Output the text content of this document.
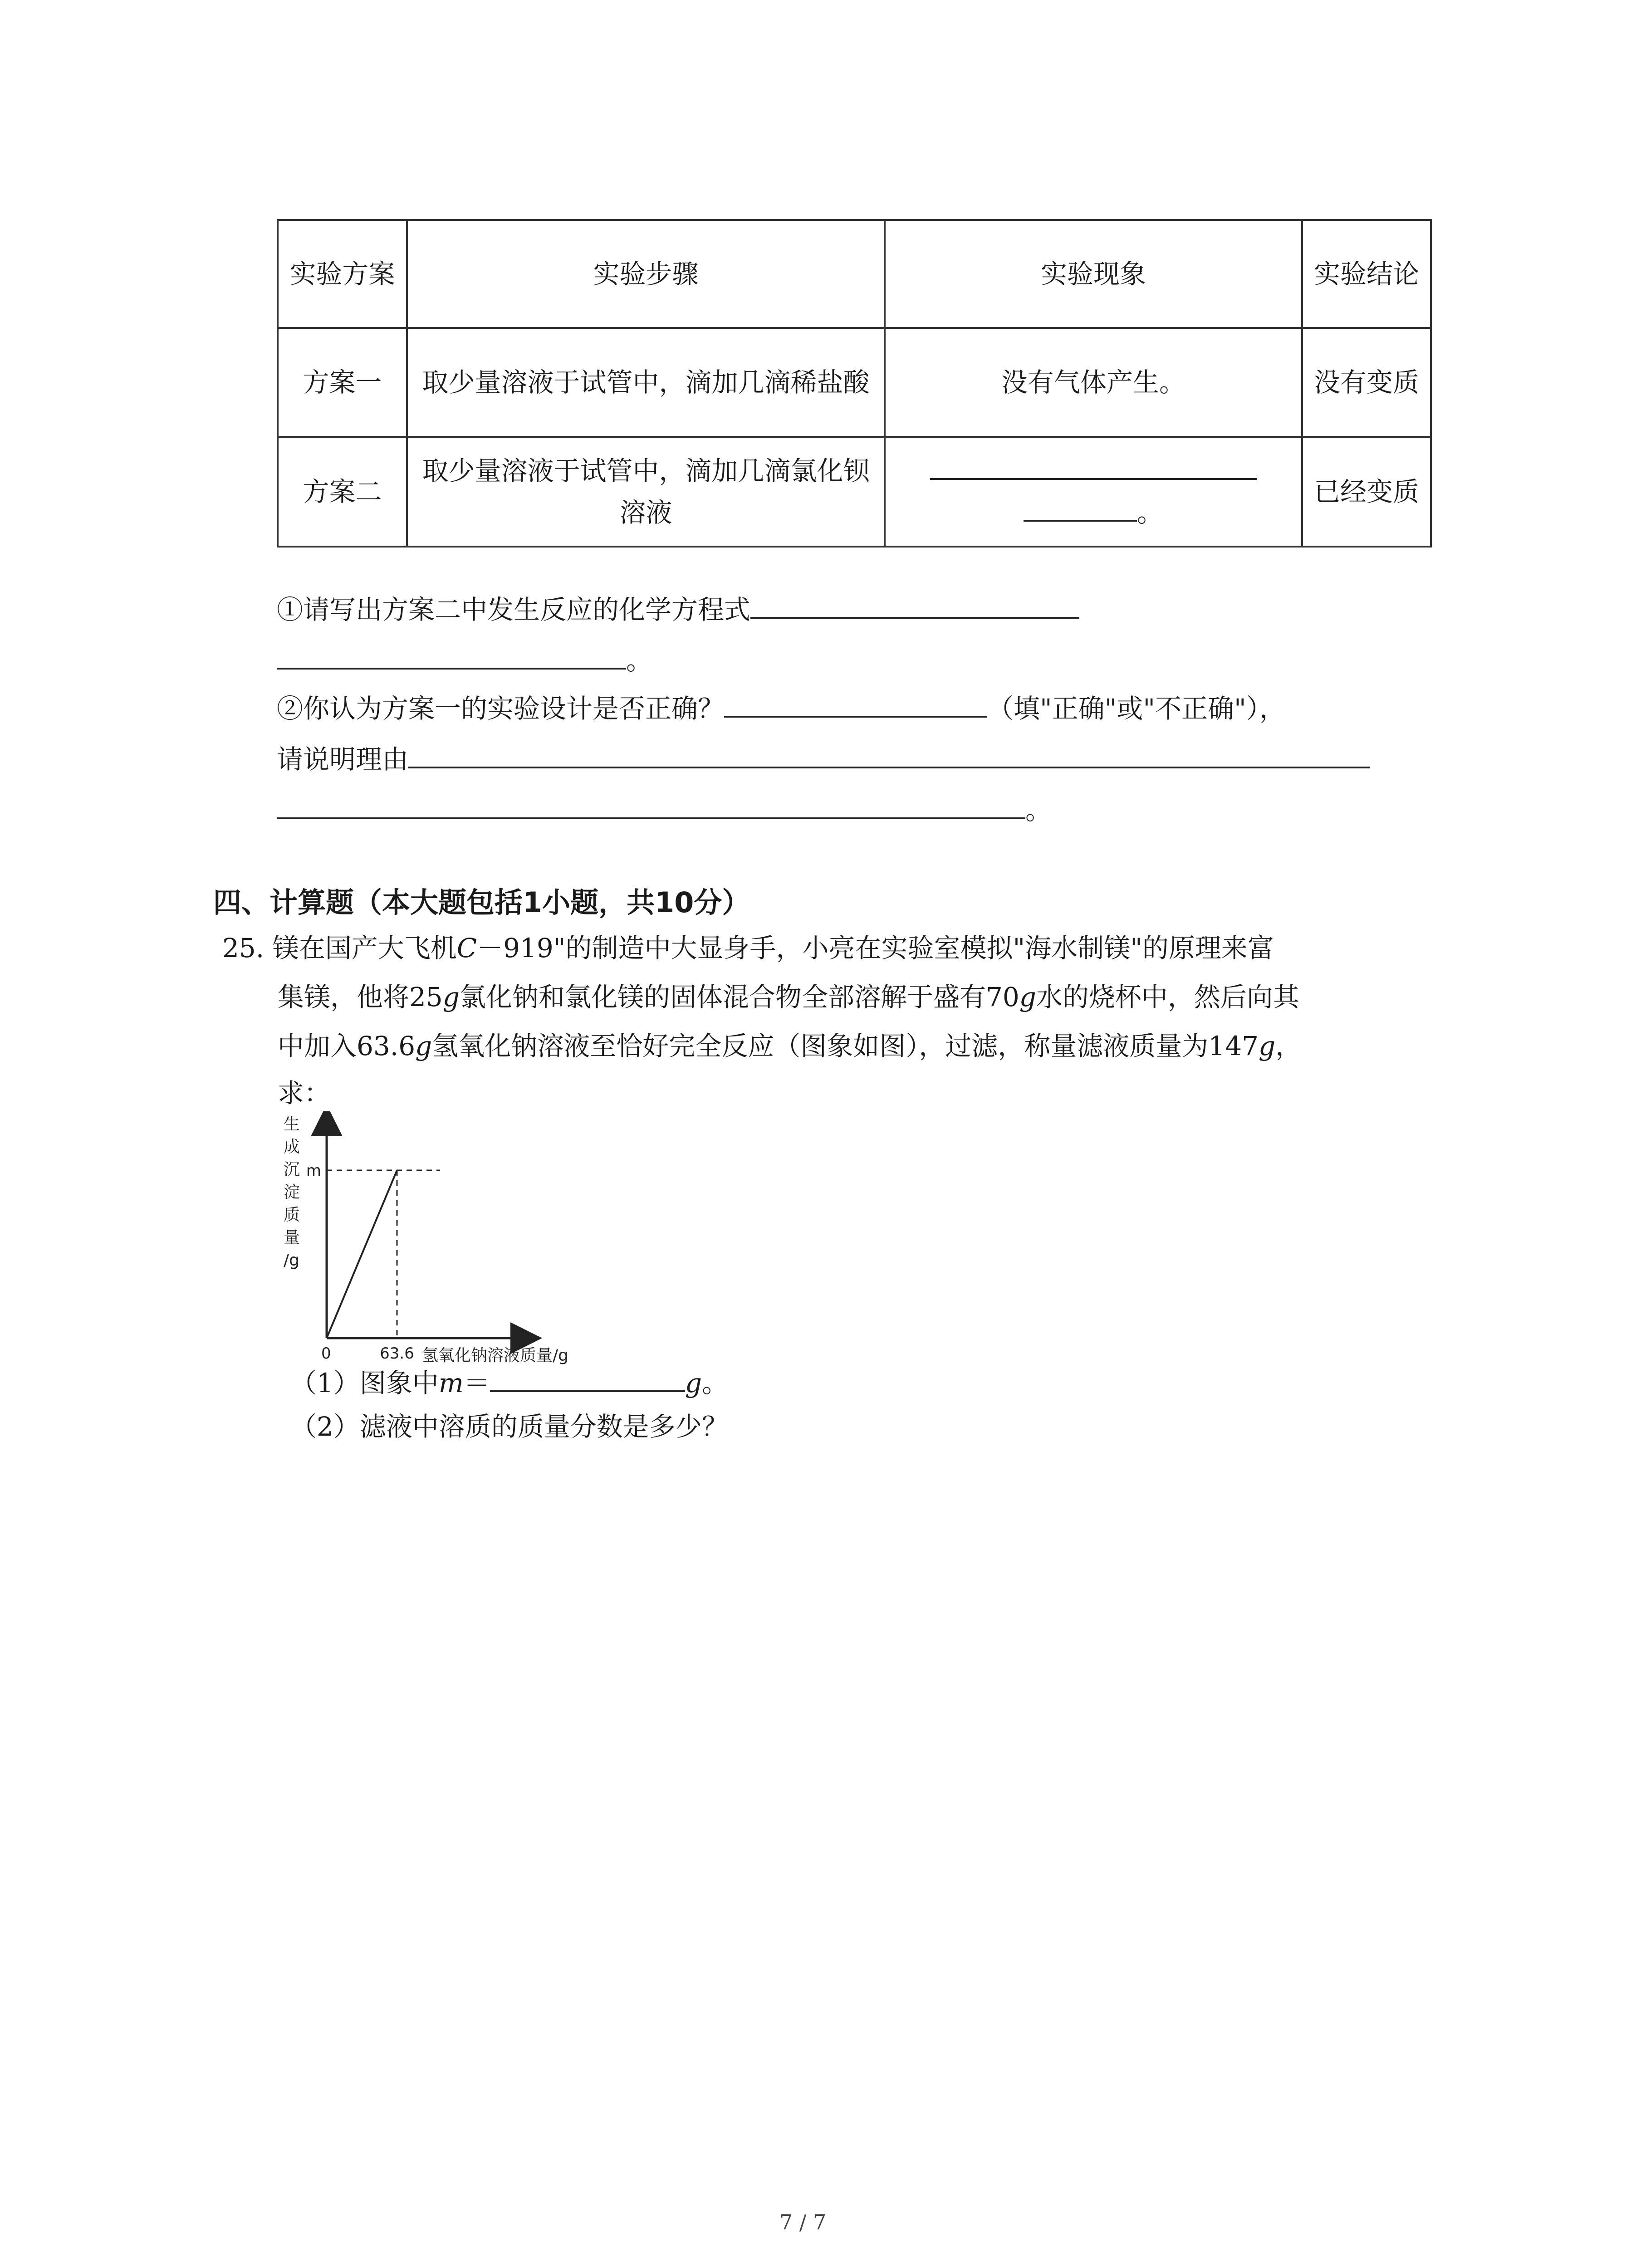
实验方案	实验步骤	实验现象	实验结论
方案一	取少量溶液于试管中，滴加几滴稀盐酸	没有气体产生。	没有变质
方案二	取少量溶液于试管中，滴加几滴氯化钡溶液	。	已经变质
①请写出方案二中发生反应的化学方程式
。
②你认为方案一的实验设计是否正确？	（填"正确"或"不正确"），
请说明理由
。
四、计算题（本大题包括1小题，共10分）
25. 镁在国产大飞机C－919"的制造中大显身手，小亮在实验室模拟"海水制镁"的原理来富
集镁，他将25g氯化钠和氯化镁的固体混合物全部溶解于盛有70g水的烧杯中，然后向其
中加入63.6g氢氧化钠溶液至恰好完全反应（图象如图），过滤，称量滤液质量为147g，
求：
生成沉淀质量/g
0	63.6
m
氢氧化钠溶液质量/g
（1）图象中m＝	g。
（2）滤液中溶质的质量分数是多少？
7 / 7
